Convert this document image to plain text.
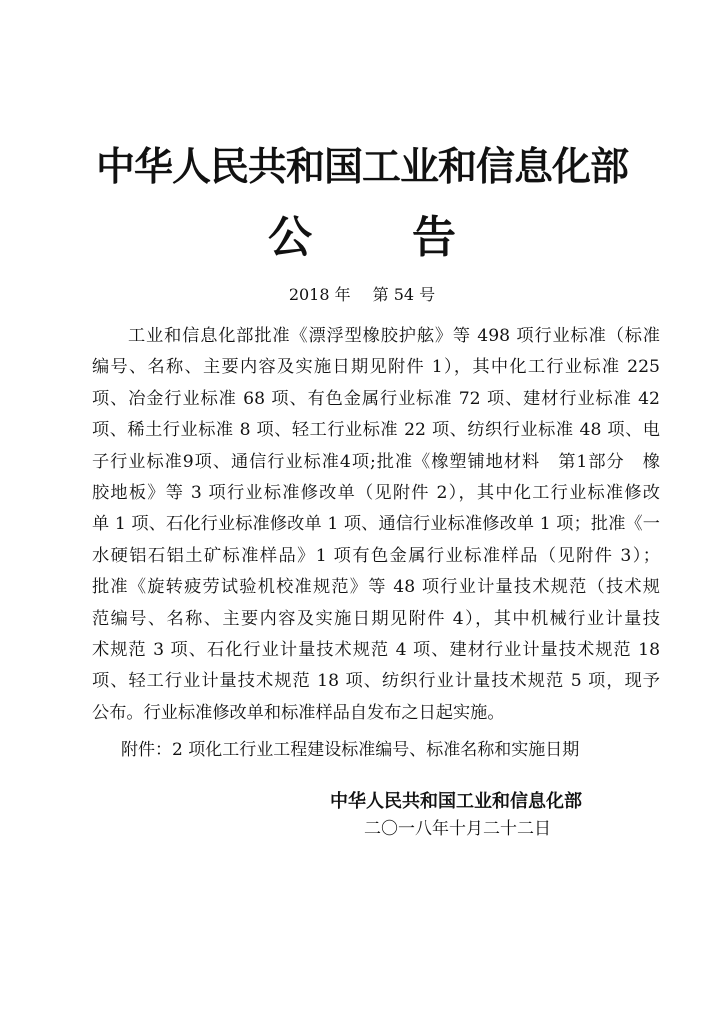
中华人民共和国工业和信息化部
公 告
2018 年 第 54 号
工业和信息化部批准《漂浮型橡胶护舷》等 498 项行业标准（标准
编号、名称、主要内容及实施日期见附件 1），其中化工行业标准 225
项、冶金行业标准 68 项、有色金属行业标准 72 项、建材行业标准 42
项、稀土行业标准 8 项、轻工行业标准 22 项、纺织行业标准 48 项、电
子行业标准9项、通信行业标准4项;批准《橡塑铺地材料　第1部分　橡
胶地板》等 3 项行业标准修改单（见附件 2），其中化工行业标准修改
单 1 项、石化行业标准修改单 1 项、通信行业标准修改单 1 项；批准《一
水硬铝石铝土矿标准样品》1 项有色金属行业标准样品（见附件 3）；
批准《旋转疲劳试验机校准规范》等 48 项行业计量技术规范（技术规
范编号、名称、主要内容及实施日期见附件 4），其中机械行业计量技
术规范 3 项、石化行业计量技术规范 4 项、建材行业计量技术规范 18
项、轻工行业计量技术规范 18 项、纺织行业计量技术规范 5 项，现予
公布。行业标准修改单和标准样品自发布之日起实施。
附件：2 项化工行业工程建设标准编号、标准名称和实施日期
中华人民共和国工业和信息化部
二〇一八年十月二十二日
